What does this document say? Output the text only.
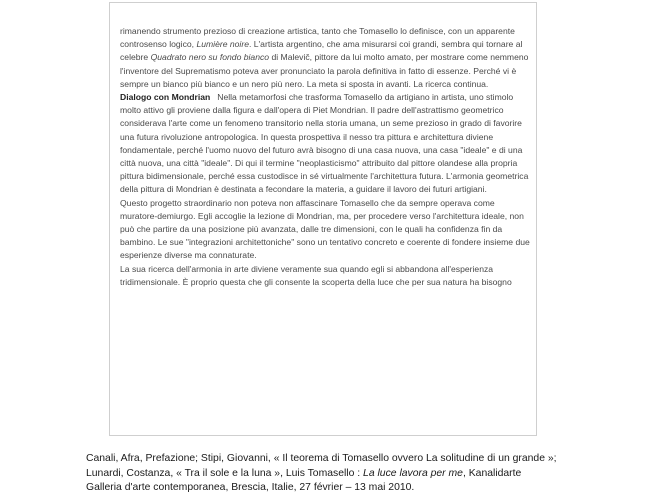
rimanendo strumento prezioso di creazione artistica, tanto che Tomasello lo definisce, con un apparente controsenso logico, Lumière noire. L'artista argentino, che ama misurarsi coi grandi, sembra qui tornare al celebre Quadrato nero su fondo bianco di Malevič, pittore da lui molto amato, per mostrare come nemmeno l'inventore del Suprematismo poteva aver pronunciato la parola definitiva in fatto di essenze. Perché vi è sempre un bianco più bianco e un nero più nero. La meta si sposta in avanti. La ricerca continua.

Dialogo con Mondrian Nella metamorfosi che trasforma Tomasello da artigiano in artista, uno stimolo molto attivo gli proviene dalla figura e dall'opera di Piet Mondrian. Il padre dell'astrattismo geometrico considerava l'arte come un fenomeno transitorio nella storia umana, un seme prezioso in grado di favorire una futura rivoluzione antropologica. In questa prospettiva il nesso tra pittura e architettura diviene fondamentale, perché l'uomo nuovo del futuro avrà bisogno di una casa nuova, una casa "ideale" e di una città nuova, una città "ideale". Di qui il termine "neoplasticismo" attribuito dal pittore olandese alla propria pittura bidimensionale, perché essa custodisce in sé virtualmente l'architettura futura. L'armonia geometrica della pittura di Mondrian è destinata a fecondare la materia, a guidare il lavoro dei futuri artigiani.

Questo progetto straordinario non poteva non affascinare Tomasello che da sempre operava come muratore-demiurgo. Egli accoglie la lezione di Mondrian, ma, per procedere verso l'architettura ideale, non può che partire da una posizione più avanzata, dalle tre dimensioni, con le quali ha confidenza fin da bambino. Le sue "integrazioni architettoniche" sono un tentativo concreto e coerente di fondere insieme due esperienze diverse ma connaturate.

La sua ricerca dell'armonia in arte diviene veramente sua quando egli si abbandona all'esperienza tridimensionale. È proprio questa che gli consente la scoperta della luce che per sua natura ha bisogno

Canali, Afra, Prefazione; Stipi, Giovanni, « Il teorema di Tomasello ovvero La solitudine di un grande »;
Lunardi, Costanza, « Tra il sole e la luna », Luis Tomasello : La luce lavora per me, Kanalidarte
Galleria d'arte contemporanea, Brescia, Italie, 27 février – 13 mai 2010.
